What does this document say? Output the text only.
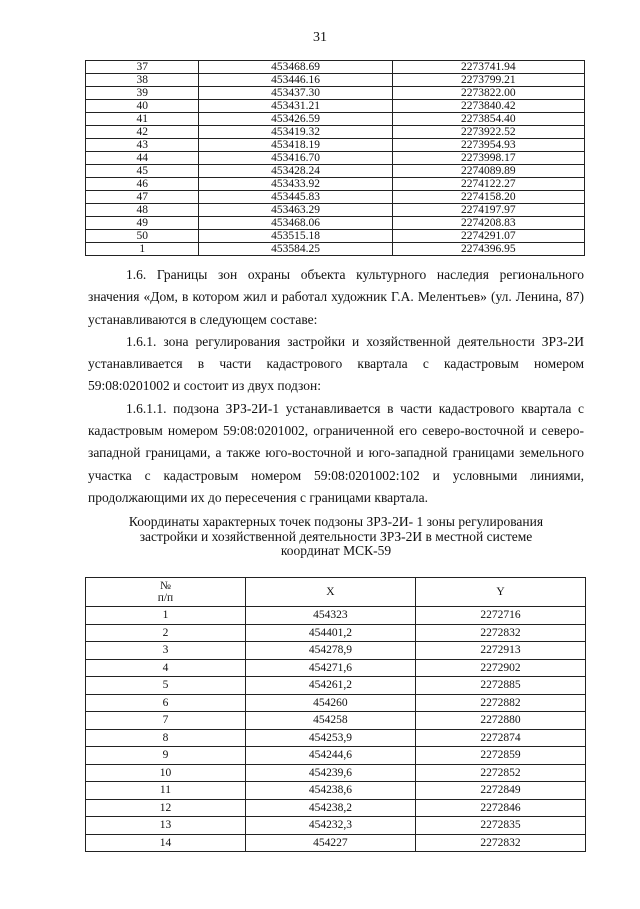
31
37	453468.69	2273741.94
38	453446.16	2273799.21
39	453437.30	2273822.00
40	453431.21	2273840.42
41	453426.59	2273854.40
42	453419.32	2273922.52
43	453418.19	2273954.93
44	453416.70	2273998.17
45	453428.24	2274089.89
46	453433.92	2274122.27
47	453445.83	2274158.20
48	453463.29	2274197.97
49	453468.06	2274208.83
50	453515.18	2274291.07
1	453584.25	2274396.95

1.6. Границы зон охраны объекта культурного наследия регионального значения «Дом, в котором жил и работал художник Г.А. Мелентьев» (ул. Ленина, 87) устанавливаются в следующем составе:

1.6.1. зона регулирования застройки и хозяйственной деятельности ЗРЗ-2И устанавливается в части кадастрового квартала с кадастровым номером 59:08:0201002 и состоит из двух подзон:

1.6.1.1. подзона ЗРЗ-2И-1 устанавливается в части кадастрового квартала с кадастровым номером 59:08:0201002, ограниченной его северо-восточной и северо-западной границами, а также юго-восточной и юго-западной границами земельного участка с кадастровым номером 59:08:0201002:102 и условными линиями, продолжающими их до пересечения с границами квартала.

Координаты характерных точек подзоны ЗРЗ-2И- 1 зоны регулирования
застройки и хозяйственной деятельности ЗРЗ-2И в местной системе
координат МСК-59
№
п/п	X	Y
1	454323	2272716
2	454401,2	2272832
3	454278,9	2272913
4	454271,6	2272902
5	454261,2	2272885
6	454260	2272882
7	454258	2272880
8	454253,9	2272874
9	454244,6	2272859
10	454239,6	2272852
11	454238,6	2272849
12	454238,2	2272846
13	454232,3	2272835
14	454227	2272832
